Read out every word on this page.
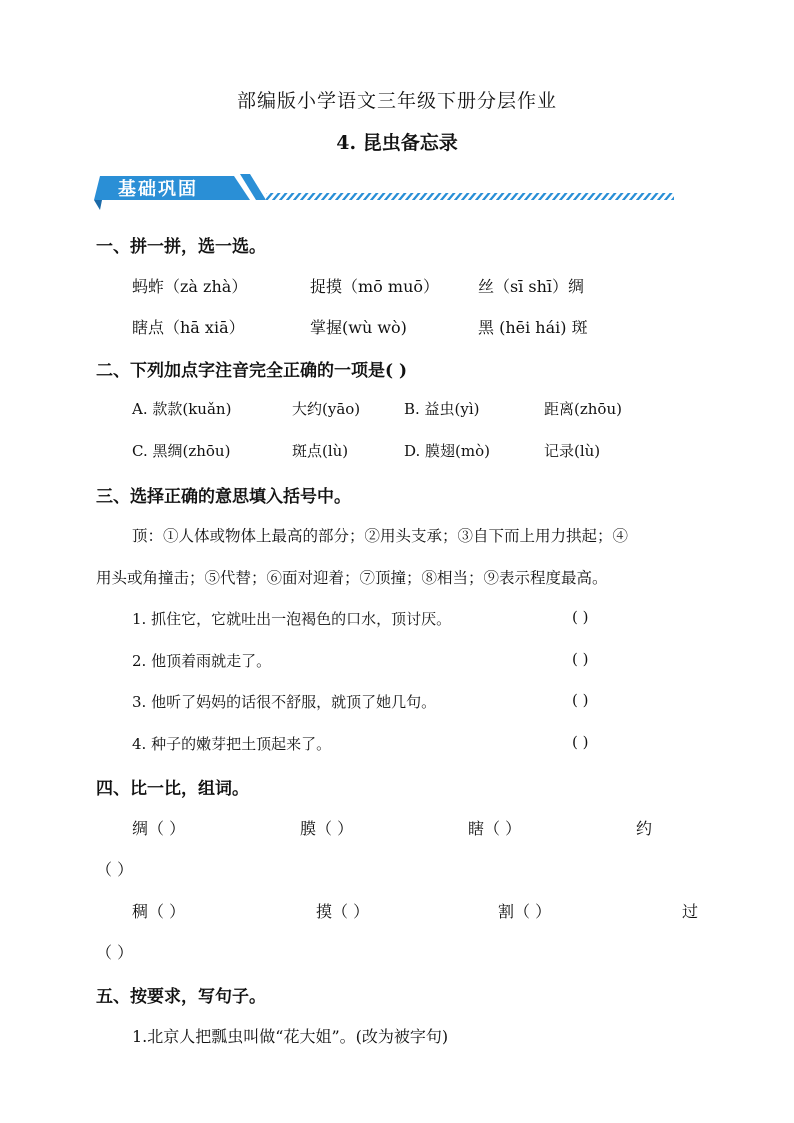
部编版小学语文三年级下册分层作业
4. 昆虫备忘录
基础巩固
一、拼一拼，选一选。
蚂蚱（zà zhà）	捉摸（mō muō） 丝（sī shī）绸
瞎点（hā xiā）	掌握(wù wò)	黑 (hēi hái) 斑
二、下列加点字注音完全正确的一项是( )
A. 款款(kuǎn)	大约(yāo)	B. 益虫(yì)	距离(zhōu)
C. 黑绸(zhōu)	斑点(lù)	D. 膜翅(mò)	记录(lù)
三、选择正确的意思填入括号中。
顶：①人体或物体上最高的部分；②用头支承；③自下而上用力拱起；④
用头或角撞击；⑤代替；⑥面对迎着；⑦顶撞；⑧相当；⑨表示程度最高。
1. 抓住它，它就吐出一泡褐色的口水，顶讨厌。	( )
2. 他顶着雨就走了。	( )
3. 他听了妈妈的话很不舒服，就顶了她几句。	( )
4. 种子的嫩芽把土顶起来了。	( )
四、比一比，组词。
绸（ ）	膜（ ）	瞎（ ）	约
（ ）
稠（ ）	摸（ ）	割（ ）	过
（ ）
五、按要求，写句子。
1.北京人把瓢虫叫做“花大姐”。(改为被字句)
